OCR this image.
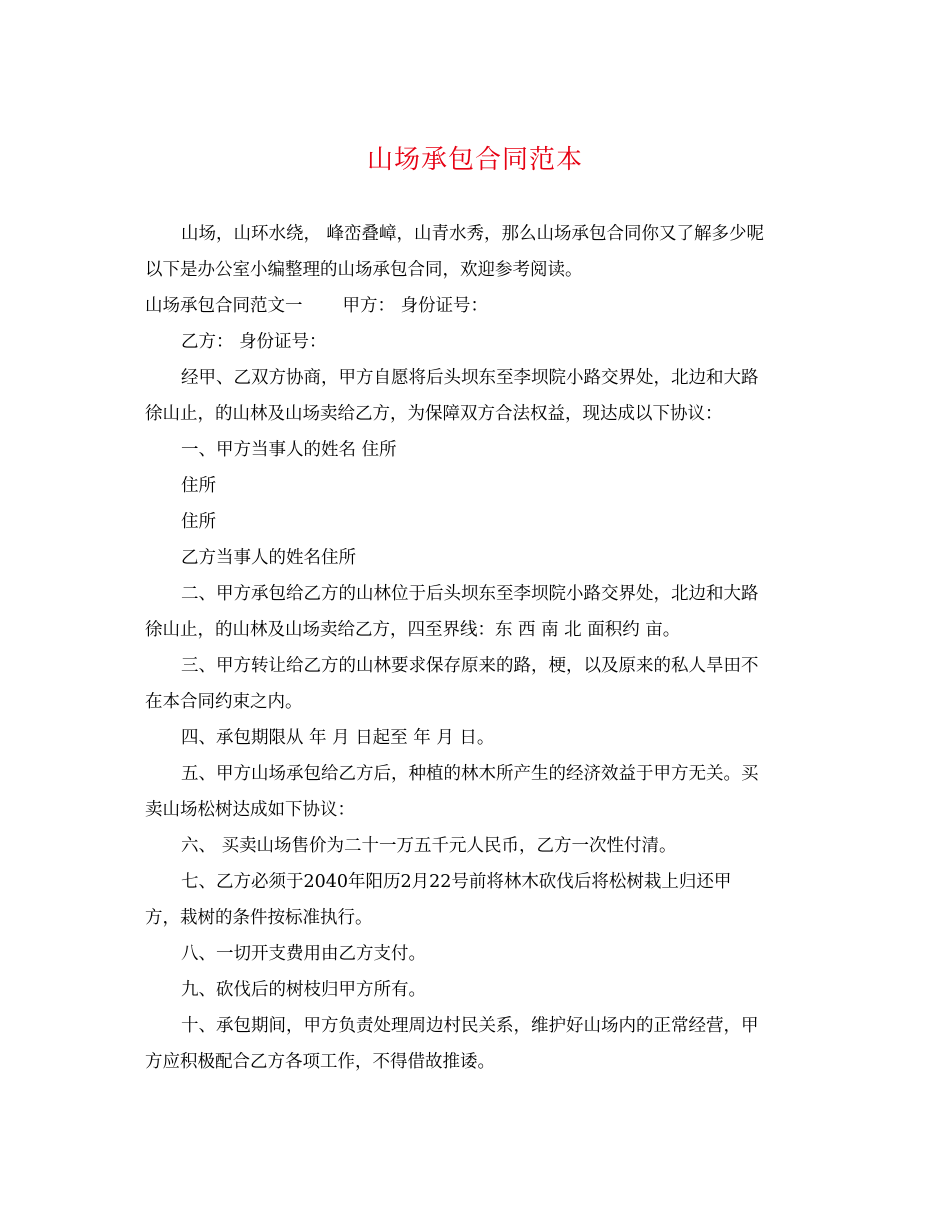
山场承包合同范本

山场，山环水绕， 峰峦叠嶂，山青水秀，那么山场承包合同你又了解多少呢

以下是办公室小编整理的山场承包合同，欢迎参考阅读。

山场承包合同范文一 甲方： 身份证号：

乙方： 身份证号：

经甲、乙双方协商，甲方自愿将后头坝东至李坝院小路交界处，北边和大路

徐山止，的山林及山场卖给乙方，为保障双方合法权益，现达成以下协议：

一、甲方当事人的姓名 住所

住所

住所

乙方当事人的姓名住所

二、甲方承包给乙方的山林位于后头坝东至李坝院小路交界处，北边和大路

徐山止，的山林及山场卖给乙方，四至界线：东 西 南 北 面积约 亩。

三、甲方转让给乙方的山林要求保存原来的路，梗，以及原来的私人旱田不

在本合同约束之内。

四、承包期限从 年 月 日起至 年 月 日。

五、甲方山场承包给乙方后，种植的林木所产生的经济效益于甲方无关。买

卖山场松树达成如下协议：

六、 买卖山场售价为二十一万五千元人民币，乙方一次性付清。

七、乙方必须于2040年阳历2月22号前将林木砍伐后将松树栽上归还甲

方，栽树的条件按标准执行。

八、一切开支费用由乙方支付。

九、砍伐后的树枝归甲方所有。

十、承包期间，甲方负责处理周边村民关系，维护好山场内的正常经营，甲

方应积极配合乙方各项工作，不得借故推诿。
